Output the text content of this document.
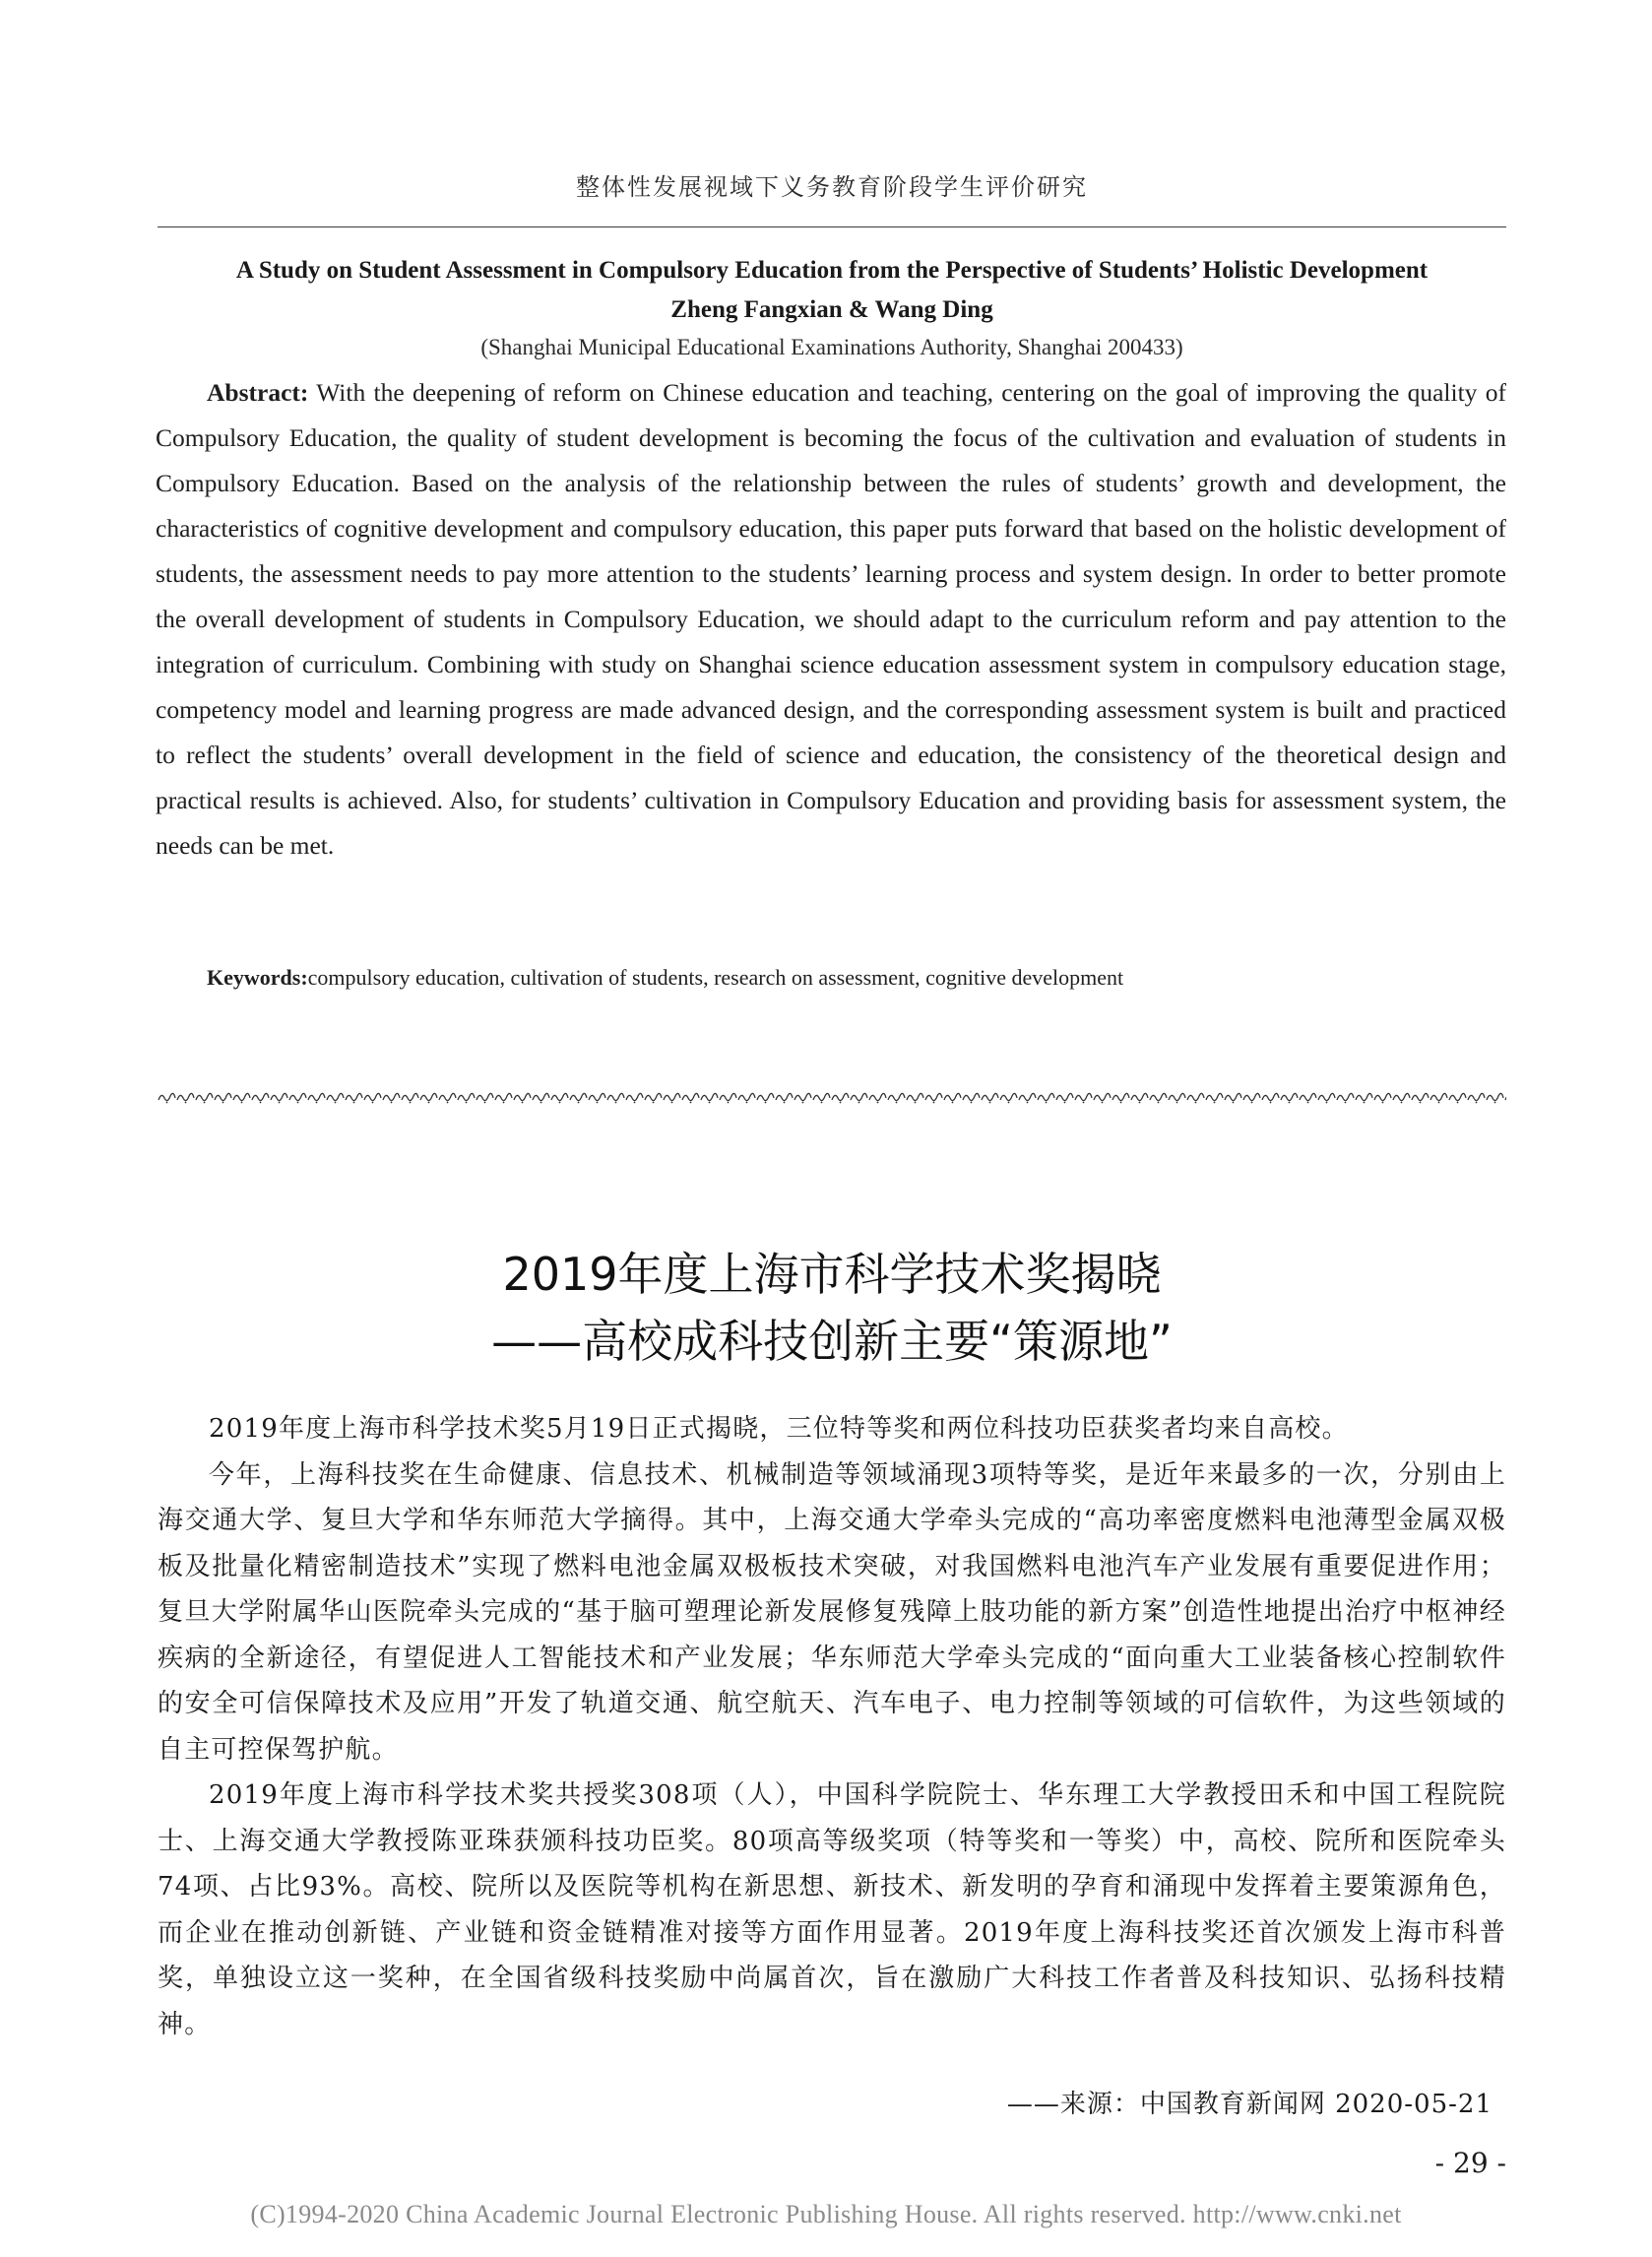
整体性发展视域下义务教育阶段学生评价研究
A Study on Student Assessment in Compulsory Education from the Perspective of Students’ Holistic Development
Zheng Fangxian & Wang Ding
(Shanghai Municipal Educational Examinations Authority, Shanghai 200433)
Abstract: With the deepening of reform on Chinese education and teaching, centering on the goal of improving the quality of Compulsory Education, the quality of student development is becoming the focus of the cultivation and evaluation of students in Compulsory Education. Based on the analysis of the relationship between the rules of students’ growth and development, the characteristics of cognitive development and compulsory education, this paper puts forward that based on the holistic development of students, the assessment needs to pay more attention to the students’ learning process and system design. In order to better promote the overall development of students in Compulsory Education, we should adapt to the curriculum reform and pay attention to the integration of curriculum. Combining with study on Shanghai science education assessment system in compulsory education stage, competency model and learning progress are made advanced design, and the corresponding assessment system is built and practiced to reflect the students’ overall development in the field of science and education, the consistency of the theoretical design and practical results is achieved. Also, for students’ cultivation in Compulsory Education and providing basis for assessment system, the needs can be met.
Keywords:compulsory education, cultivation of students, research on assessment, cognitive development
2019年度上海市科学技术奖揭晓
——高校成科技创新主要“策源地”

2019年度上海市科学技术奖5月19日正式揭晓，三位特等奖和两位科技功臣获奖者均来自高校。

今年，上海科技奖在生命健康、信息技术、机械制造等领域涌现3项特等奖，是近年来最多的一次，分别由上海交通大学、复旦大学和华东师范大学摘得。其中，上海交通大学牵头完成的“高功率密度燃料电池薄型金属双极板及批量化精密制造技术”实现了燃料电池金属双极板技术突破，对我国燃料电池汽车产业发展有重要促进作用；复旦大学附属华山医院牵头完成的“基于脑可塑理论新发展修复残障上肢功能的新方案”创造性地提出治疗中枢神经疾病的全新途径，有望促进人工智能技术和产业发展；华东师范大学牵头完成的“面向重大工业装备核心控制软件的安全可信保障技术及应用”开发了轨道交通、航空航天、汽车电子、电力控制等领域的可信软件，为这些领域的自主可控保驾护航。

2019年度上海市科学技术奖共授奖308项（人），中国科学院院士、华东理工大学教授田禾和中国工程院院士、上海交通大学教授陈亚珠获颁科技功臣奖。80项高等级奖项（特等奖和一等奖）中，高校、院所和医院牵头74项、占比93%。高校、院所以及医院等机构在新思想、新技术、新发明的孕育和涌现中发挥着主要策源角色，而企业在推动创新链、产业链和资金链精准对接等方面作用显著。2019年度上海科技奖还首次颁发上海市科普奖，单独设立这一奖种，在全国省级科技奖励中尚属首次，旨在激励广大科技工作者普及科技知识、弘扬科技精神。

——来源：中国教育新闻网 2020-05-21
- 29 -
(C)1994-2020 China Academic Journal Electronic Publishing House. All rights reserved. http://www.cnki.net
